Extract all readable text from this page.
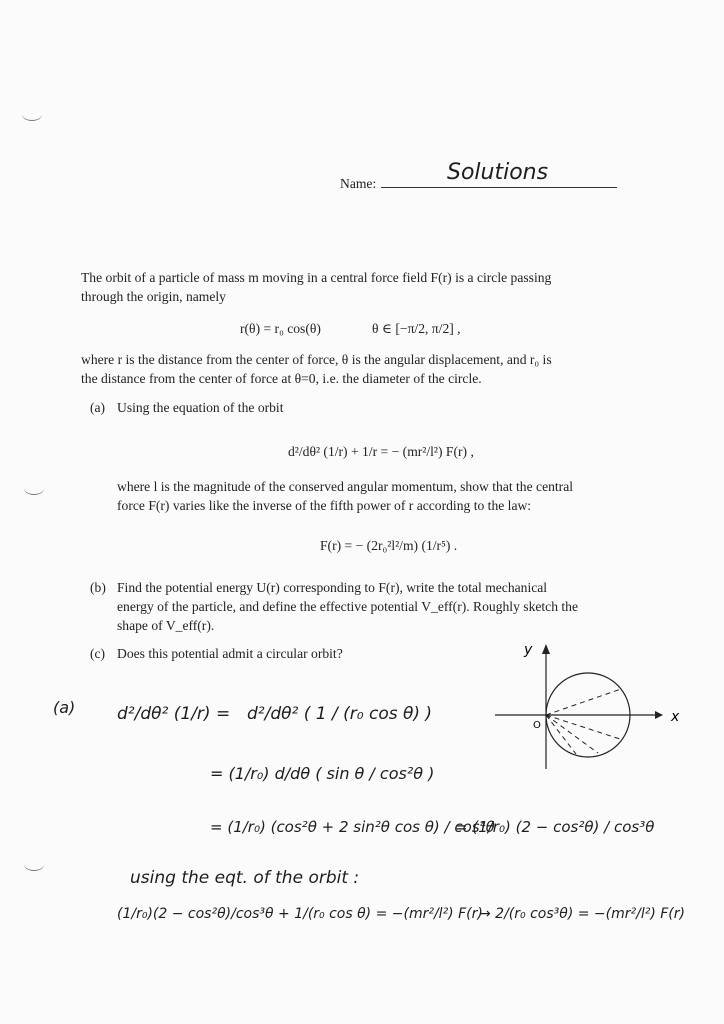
Name:	Solutions
The orbit of a particle of mass m moving in a central force field F(r) is a circle passing
through the origin, namely
r(θ) = r₀ cos(θ)	θ ∈ [−π/2, π/2] ,
where r is the distance from the center of force, θ is the angular displacement, and r₀ is
the distance from the center of force at θ=0, i.e. the diameter of the circle.
(a) Using the equation of the orbit
d²/dθ² (1/r) + 1/r = − (mr²/l²) F(r) ,
where l is the magnitude of the conserved angular momentum, show that the central
force F(r) varies like the inverse of the fifth power of r according to the law:
F(r) = − (2r₀²l²/m) (1/r⁵) .
(b) Find the potential energy U(r) corresponding to F(r), write the total mechanical
energy of the particle, and define the effective potential V_eff(r). Roughly sketch the
shape of V_eff(r).
(c) Does this potential admit a circular orbit?	y
x
O
(a) d²/dθ² (1/r) = d²/dθ² ( 1 / (r₀ cos θ) )
= (1/r₀) d/dθ ( sin θ / cos²θ )
= (1/r₀) (cos²θ + 2 sin²θ cos θ) / cos⁴θ
= (1/r₀) (2 − cos²θ) / cos³θ
using the eqt. of the orbit :
(1/r₀)(2 − cos²θ)/cos³θ + 1/(r₀ cos θ) = −(mr²/l²) F(r)
→ 2/(r₀ cos³θ) = −(mr²/l²) F(r)
